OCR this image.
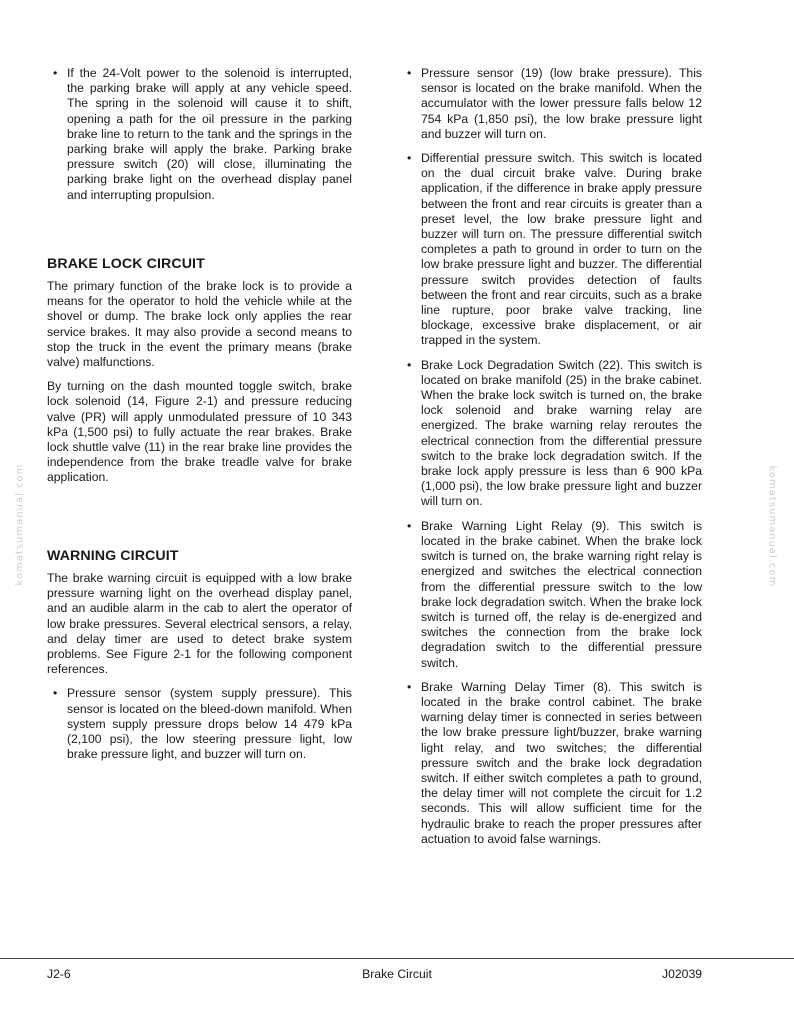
komatsumanual.com	komatsumanual.com
• If the 24-Volt power to the solenoid is interrupted, the parking brake will apply at any vehicle speed. The spring in the solenoid will cause it to shift, opening a path for the oil pressure in the parking brake line to return to the tank and the springs in the parking brake will apply the brake. Parking brake pressure switch (20) will close, illuminating the parking brake light on the overhead display panel and interrupting propulsion.
BRAKE LOCK CIRCUIT

The primary function of the brake lock is to provide a means for the operator to hold the vehicle while at the shovel or dump. The brake lock only applies the rear service brakes. It may also provide a second means to stop the truck in the event the primary means (brake valve) malfunctions.

By turning on the dash mounted toggle switch, brake lock solenoid (14, Figure 2-1) and pressure reducing valve (PR) will apply unmodulated pressure of 10 343 kPa (1,500 psi) to fully actuate the rear brakes. Brake lock shuttle valve (11) in the rear brake line provides the independence from the brake treadle valve for brake application.

WARNING CIRCUIT

The brake warning circuit is equipped with a low brake pressure warning light on the overhead display panel, and an audible alarm in the cab to alert the operator of low brake pressures. Several electrical sensors, a relay, and delay timer are used to detect brake system problems. See Figure 2-1 for the following component references.

• Pressure sensor (system supply pressure). This sensor is located on the bleed-down manifold. When system supply pressure drops below 14 479 kPa (2,100 psi), the low steering pressure light, low brake pressure light, and buzzer will turn on.
• Pressure sensor (19) (low brake pressure). This sensor is located on the brake manifold. When the accumulator with the lower pressure falls below 12 754 kPa (1,850 psi), the low brake pressure light and buzzer will turn on.
• Differential pressure switch. This switch is located on the dual circuit brake valve. During brake application, if the difference in brake apply pressure between the front and rear circuits is greater than a preset level, the low brake pressure light and buzzer will turn on. The pressure differential switch completes a path to ground in order to turn on the low brake pressure light and buzzer. The differential pressure switch provides detection of faults between the front and rear circuits, such as a brake line rupture, poor brake valve tracking, line blockage, excessive brake displacement, or air trapped in the system.
• Brake Lock Degradation Switch (22). This switch is located on brake manifold (25) in the brake cabinet. When the brake lock switch is turned on, the brake lock solenoid and brake warning relay are energized. The brake warning relay reroutes the electrical connection from the differential pressure switch to the brake lock degradation switch. If the brake lock apply pressure is less than 6 900 kPa (1,000 psi), the low brake pressure light and buzzer will turn on.
• Brake Warning Light Relay (9). This switch is located in the brake cabinet. When the brake lock switch is turned on, the brake warning right relay is energized and switches the electrical connection from the differential pressure switch to the low brake lock degradation switch. When the brake lock switch is turned off, the relay is de-energized and switches the connection from the brake lock degradation switch to the differential pressure switch.
• Brake Warning Delay Timer (8). This switch is located in the brake control cabinet. The brake warning delay timer is connected in series between the low brake pressure light/buzzer, brake warning light relay, and two switches; the differential pressure switch and the brake lock degradation switch. If either switch completes a path to ground, the delay timer will not complete the circuit for 1.2 seconds. This will allow sufficient time for the hydraulic brake to reach the proper pressures after actuation to avoid false warnings.
J2-6	Brake Circuit	J02039
